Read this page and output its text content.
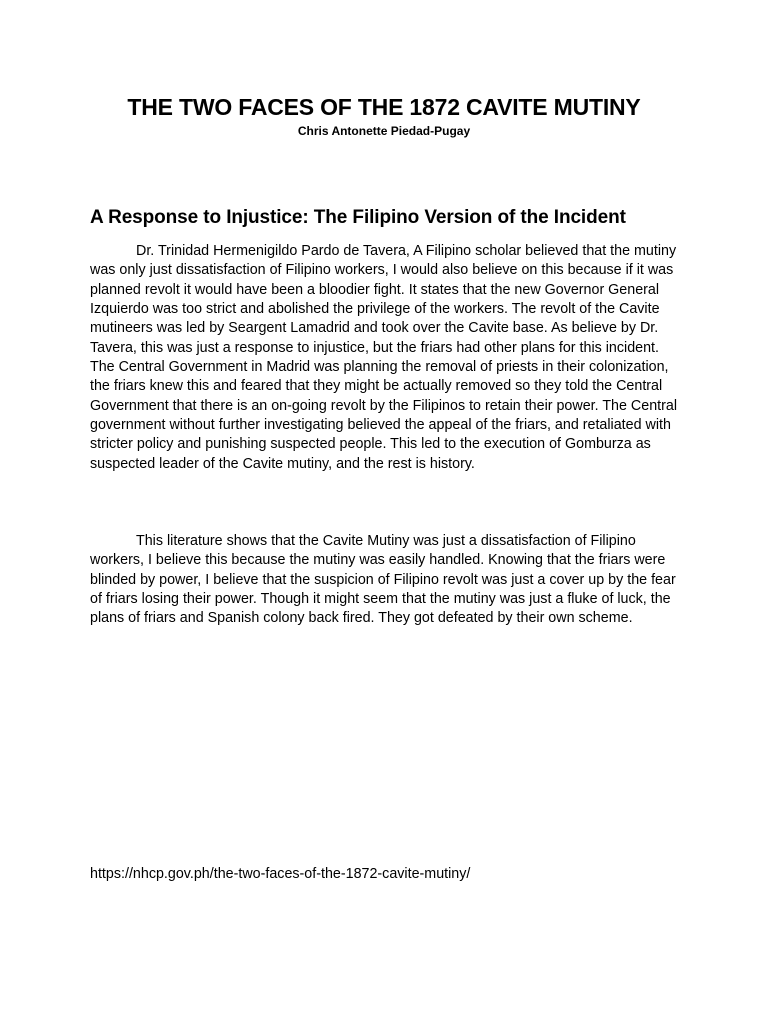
THE TWO FACES OF THE 1872 CAVITE MUTINY

Chris Antonette Piedad-Pugay

A Response to Injustice: The Filipino Version of the Incident

Dr. Trinidad Hermenigildo Pardo de Tavera, A Filipino scholar believed that the mutiny was only just dissatisfaction of Filipino workers, I would also believe on this because if it was planned revolt it would have been a bloodier fight. It states that the new Governor General Izquierdo was too strict and abolished the privilege of the workers. The revolt of the Cavite mutineers was led by Seargent Lamadrid and took over the Cavite base. As believe by Dr. Tavera, this was just a response to injustice, but the friars had other plans for this incident. The Central Government in Madrid was planning the removal of priests in their colonization, the friars knew this and feared that they might be actually removed so they told the Central Government that there is an on-going revolt by the Filipinos to retain their power. The Central government without further investigating believed the appeal of the friars, and retaliated with stricter policy and punishing suspected people. This led to the execution of Gomburza as suspected leader of the Cavite mutiny, and the rest is history.

This literature shows that the Cavite Mutiny was just a dissatisfaction of Filipino workers, I believe this because the mutiny was easily handled. Knowing that the friars were blinded by power, I believe that the suspicion of Filipino revolt was just a cover up by the fear of friars losing their power. Though it might seem that the mutiny was just a fluke of luck, the plans of friars and Spanish colony back fired. They got defeated by their own scheme.

https://nhcp.gov.ph/the-two-faces-of-the-1872-cavite-mutiny/
